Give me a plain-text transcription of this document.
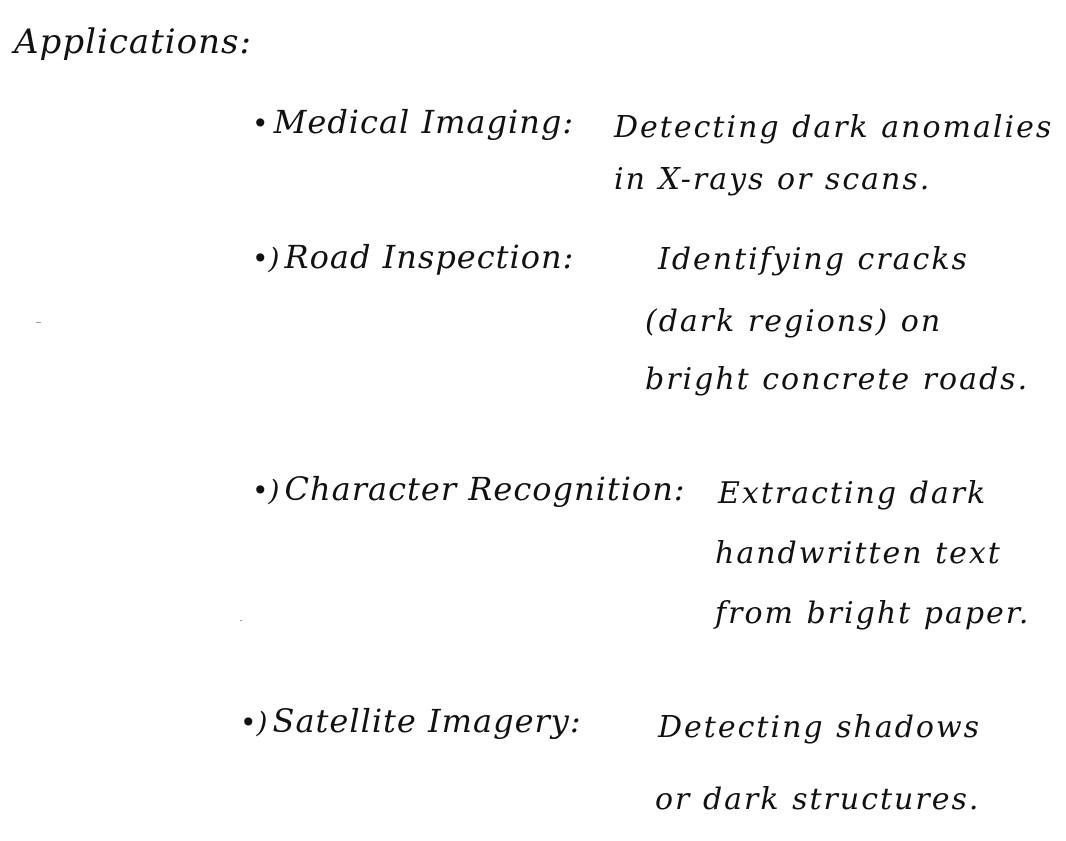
Applications:
• Medical Imaging: Detecting dark anomalies
in X-rays or scans.
•) Road Inspection:	Identifying cracks
(dark regions) on
bright concrete roads.
•) Character Recognition: Extracting dark
handwritten text
from bright paper.
•) Satellite Imagery:	Detecting shadows
or dark structures.
